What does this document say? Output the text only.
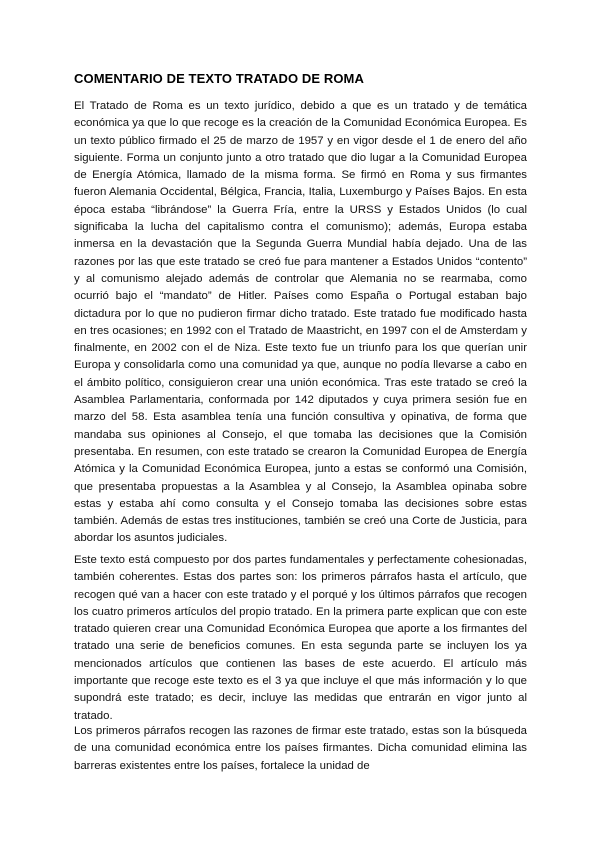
COMENTARIO DE TEXTO TRATADO DE ROMA

El Tratado de Roma es un texto jurídico, debido a que es un tratado y de temática económica ya que lo que recoge es la creación de la Comunidad Económica Europea. Es un texto público firmado el 25 de marzo de 1957 y en vigor desde el 1 de enero del año siguiente. Forma un conjunto junto a otro tratado que dio lugar a la Comunidad Europea de Energía Atómica, llamado de la misma forma. Se firmó en Roma y sus firmantes fueron Alemania Occidental, Bélgica, Francia, Italia, Luxemburgo y Países Bajos. En esta época estaba “librándose” la Guerra Fría, entre la URSS y Estados Unidos (lo cual significaba la lucha del capitalismo contra el comunismo); además, Europa estaba inmersa en la devastación que la Segunda Guerra Mundial había dejado. Una de las razones por las que este tratado se creó fue para mantener a Estados Unidos “contento” y al comunismo alejado además de controlar que Alemania no se rearmaba, como ocurrió bajo el “mandato” de Hitler. Países como España o Portugal estaban bajo dictadura por lo que no pudieron firmar dicho tratado. Este tratado fue modificado hasta en tres ocasiones; en 1992 con el Tratado de Maastricht, en 1997 con el de Amsterdam y finalmente, en 2002 con el de Niza. Este texto fue un triunfo para los que querían unir Europa y consolidarla como una comunidad ya que, aunque no podía llevarse a cabo en el ámbito político, consiguieron crear una unión económica. Tras este tratado se creó la Asamblea Parlamentaria, conformada por 142 diputados y cuya primera sesión fue en marzo del 58. Esta asamblea tenía una función consultiva y opinativa, de forma que mandaba sus opiniones al Consejo, el que tomaba las decisiones que la Comisión presentaba. En resumen, con este tratado se crearon la Comunidad Europea de Energía Atómica y la Comunidad Económica Europea, junto a estas se conformó una Comisión, que presentaba propuestas a la Asamblea y al Consejo, la Asamblea opinaba sobre estas y estaba ahí como consulta y el Consejo tomaba las decisiones sobre estas también. Además de estas tres instituciones, también se creó una Corte de Justicia, para abordar los asuntos judiciales.

Este texto está compuesto por dos partes fundamentales y perfectamente cohesionadas, también coherentes. Estas dos partes son: los primeros párrafos hasta el artículo, que recogen qué van a hacer con este tratado y el porqué y los últimos párrafos que recogen los cuatro primeros artículos del propio tratado. En la primera parte explican que con este tratado quieren crear una Comunidad Económica Europea que aporte a los firmantes del tratado una serie de beneficios comunes. En esta segunda parte se incluyen los ya mencionados artículos que contienen las bases de este acuerdo. El artículo más importante que recoge este texto es el 3 ya que incluye el que más información y lo que supondrá este tratado; es decir, incluye las medidas que entrarán en vigor junto al tratado.

Los primeros párrafos recogen las razones de firmar este tratado, estas son la búsqueda de una comunidad económica entre los países firmantes. Dicha comunidad elimina las barreras existentes entre los países, fortalece la unidad de
